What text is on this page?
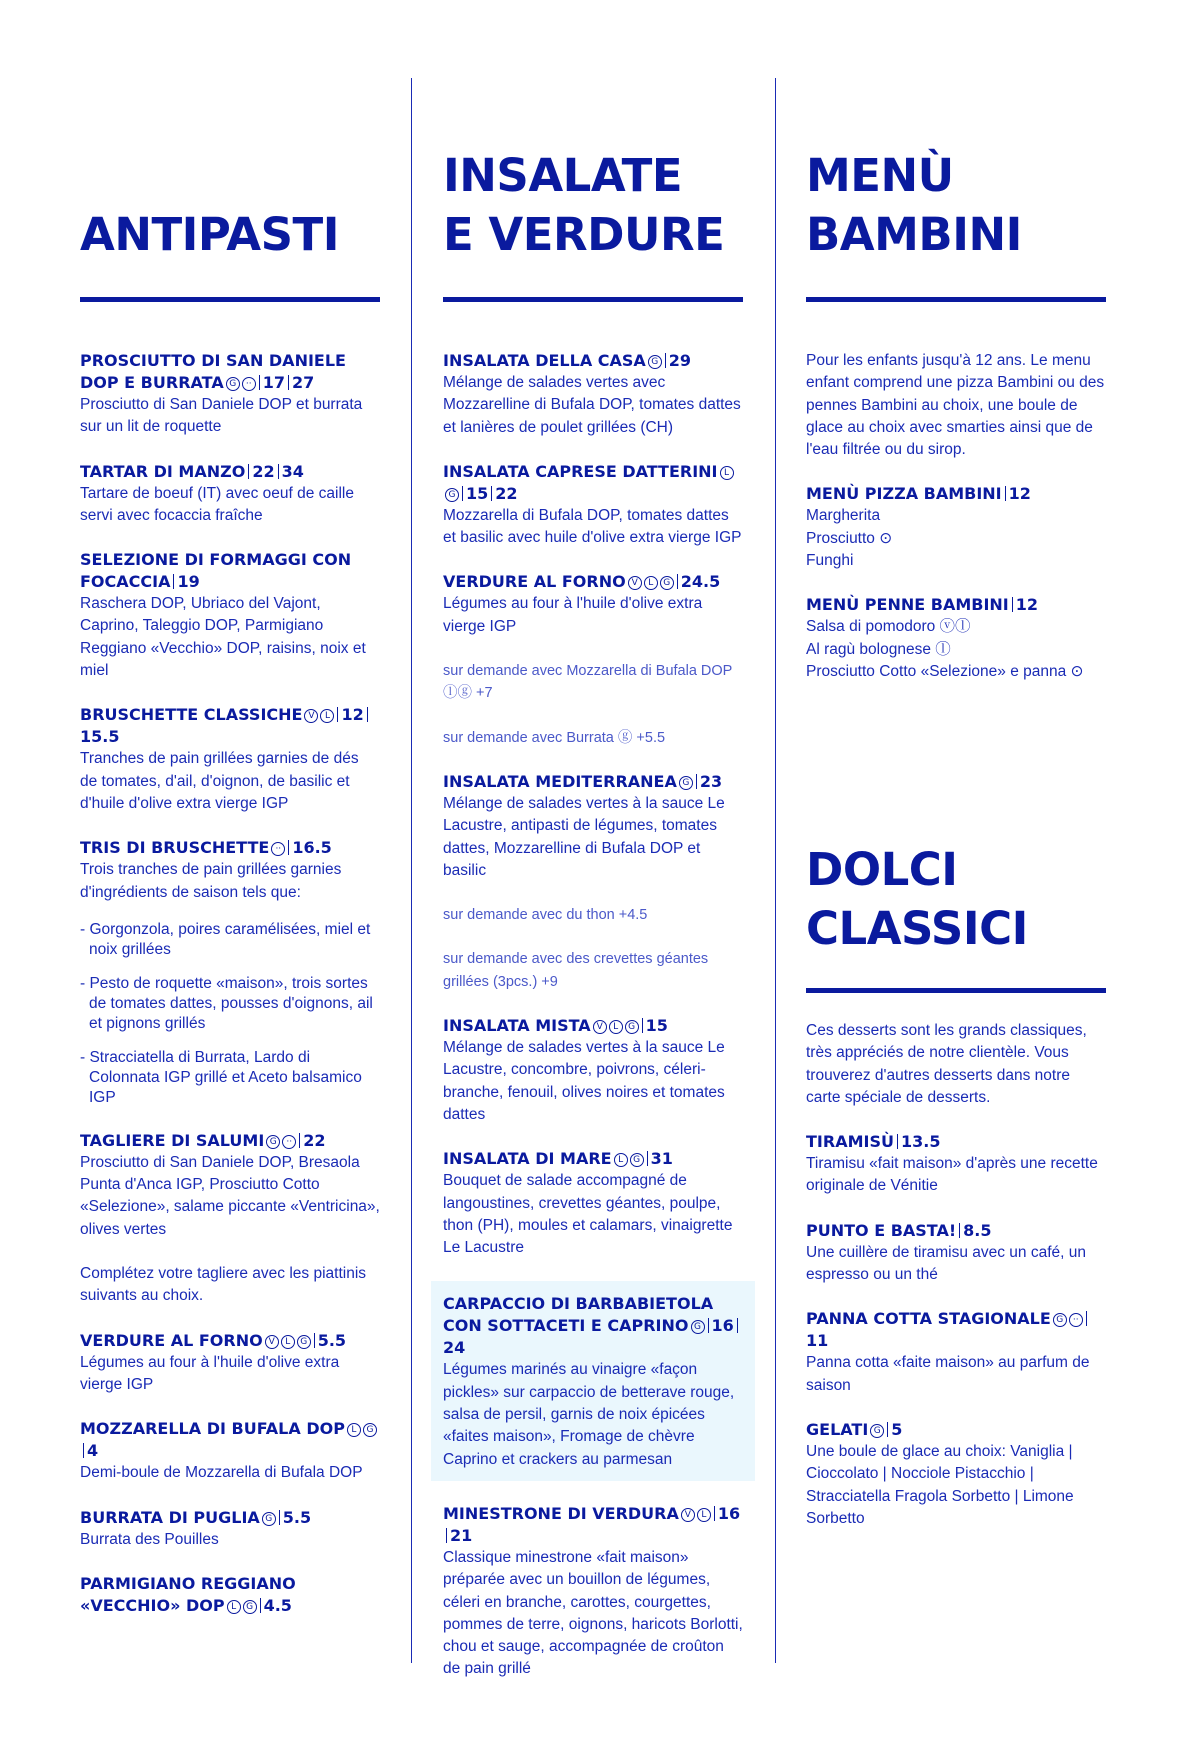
ANTIPASTI
PROSCIUTTO DI SAN DANIELE DOP E BURRATA G ·· 17 27
Prosciutto di San Daniele DOP et burrata sur un lit de roquette
TARTAR DI MANZO 22 34
Tartare de boeuf (IT) avec oeuf de caille servi avec focaccia fraîche
SELEZIONE DI FORMAGGI CON FOCACCIA 19
Raschera DOP, Ubriaco del Vajont, Caprino, Taleggio DOP, Parmigiano Reggiano «Vecchio» DOP, raisins, noix et miel
BRUSCHETTE CLASSICHE V L 1215.5
Tranches de pain grillées garnies de dés de tomates, d'ail, d'oignon, de basilic et d'huile d'olive extra vierge IGP
TRIS DI BRUSCHETTE ·· 16.5
Trois tranches de pain grillées garnies d'ingrédients de saison tels que:
- Gorgonzola, poires caramélisées, miel et noix grillées
- Pesto de roquette «maison», trois sortes de tomates dattes, pousses d'oignons, ail et pignons grillés
- Stracciatella di Burrata, Lardo di Colonnata IGP grillé et Aceto balsamico IGP
TAGLIERE DI SALUMI G ·· 22
Prosciutto di San Daniele DOP, Bresaola Punta d'Anca IGP, Prosciutto Cotto «Selezione», salame piccante «Ventricina», olives vertes
Complétez votre tagliere avec les piattinis suivants au choix.
VERDURE AL FORNO V L G 5.5
Légumes au four à l'huile d'olive extra vierge IGP
MOZZARELLA DI BUFALA DOP L G4
Demi-boule de Mozzarella di Bufala DOP
BURRATA DI PUGLIA G 5.5
Burrata des Pouilles
PARMIGIANO REGGIANO «VECCHIO» DOP L G 4.5
INSALATE
E VERDURE
INSALATA DELLA CASA G 29
Mélange de salades vertes avec Mozzarelline di Bufala DOP, tomates dattes et lanières de poulet grillées (CH)
INSALATA CAPRESE DATTERINI LG 15 22
Mozzarella di Bufala DOP, tomates dattes et basilic avec huile d'olive extra vierge IGP
VERDURE AL FORNO V L G 24.5
Légumes au four à l'huile d'olive extra vierge IGP
sur demande avec Mozzarella di Bufala DOP ⓛⓖ +7
sur demande avec Burrata ⓖ +5.5
INSALATA MEDITERRANEA G 23
Mélange de salades vertes à la sauce Le Lacustre, antipasti de légumes, tomates dattes, Mozzarelline di Bufala DOP et basilic
sur demande avec du thon +4.5
sur demande avec des crevettes géantes grillées (3pcs.) +9
INSALATA MISTA V L G 15
Mélange de salades vertes à la sauce Le Lacustre, concombre, poivrons, céleri-branche, fenouil, olives noires et tomates dattes
INSALATA DI MARE L G 31
Bouquet de salade accompagné de langoustines, crevettes géantes, poulpe, thon (PH), moules et calamars, vinaigrette Le Lacustre
CARPACCIO DI BARBABIETOLA CON SOTTACETI E CAPRINO G 1624
Légumes marinés au vinaigre «façon pickles» sur carpaccio de betterave rouge, salsa de persil, garnis de noix épicées «faites maison», Fromage de chèvre Caprino et crackers au parmesan
MINESTRONE DI VERDURA V L 1621
Classique minestrone «fait maison» préparée avec un bouillon de légumes, céleri en branche, carottes, courgettes, pommes de terre, oignons, haricots Borlotti, chou et sauge, accompagnée de croûton de pain grillé
MENÙ
BAMBINI
Pour les enfants jusqu'à 12 ans. Le menu enfant comprend une pizza Bambini ou des pennes Bambini au choix, une boule de glace au choix avec smarties ainsi que de l'eau filtrée ou du sirop.
MENÙ PIZZA BAMBINI 12
Margherita
Prosciutto ⊙
Funghi
MENÙ PENNE BAMBINI 12
Salsa di pomodoro ⓥⓛ
Al ragù bolognese ⓛ
Prosciutto Cotto «Selezione» e panna ⊙
DOLCI
CLASSICI
Ces desserts sont les grands classiques, très appréciés de notre clientèle. Vous trouverez d'autres desserts dans notre carte spéciale de desserts.
TIRAMISÙ 13.5
Tiramisu «fait maison» d'après une recette originale de Vénitie
PUNTO E BASTA! 8.5
Une cuillère de tiramisu avec un café, un espresso ou un thé
PANNA COTTA STAGIONALE G ··11
Panna cotta «faite maison» au parfum de saison
GELATI G 5
Une boule de glace au choix: Vaniglia | Cioccolato | Nocciole Pistacchio | Stracciatella Fragola Sorbetto | Limone Sorbetto
